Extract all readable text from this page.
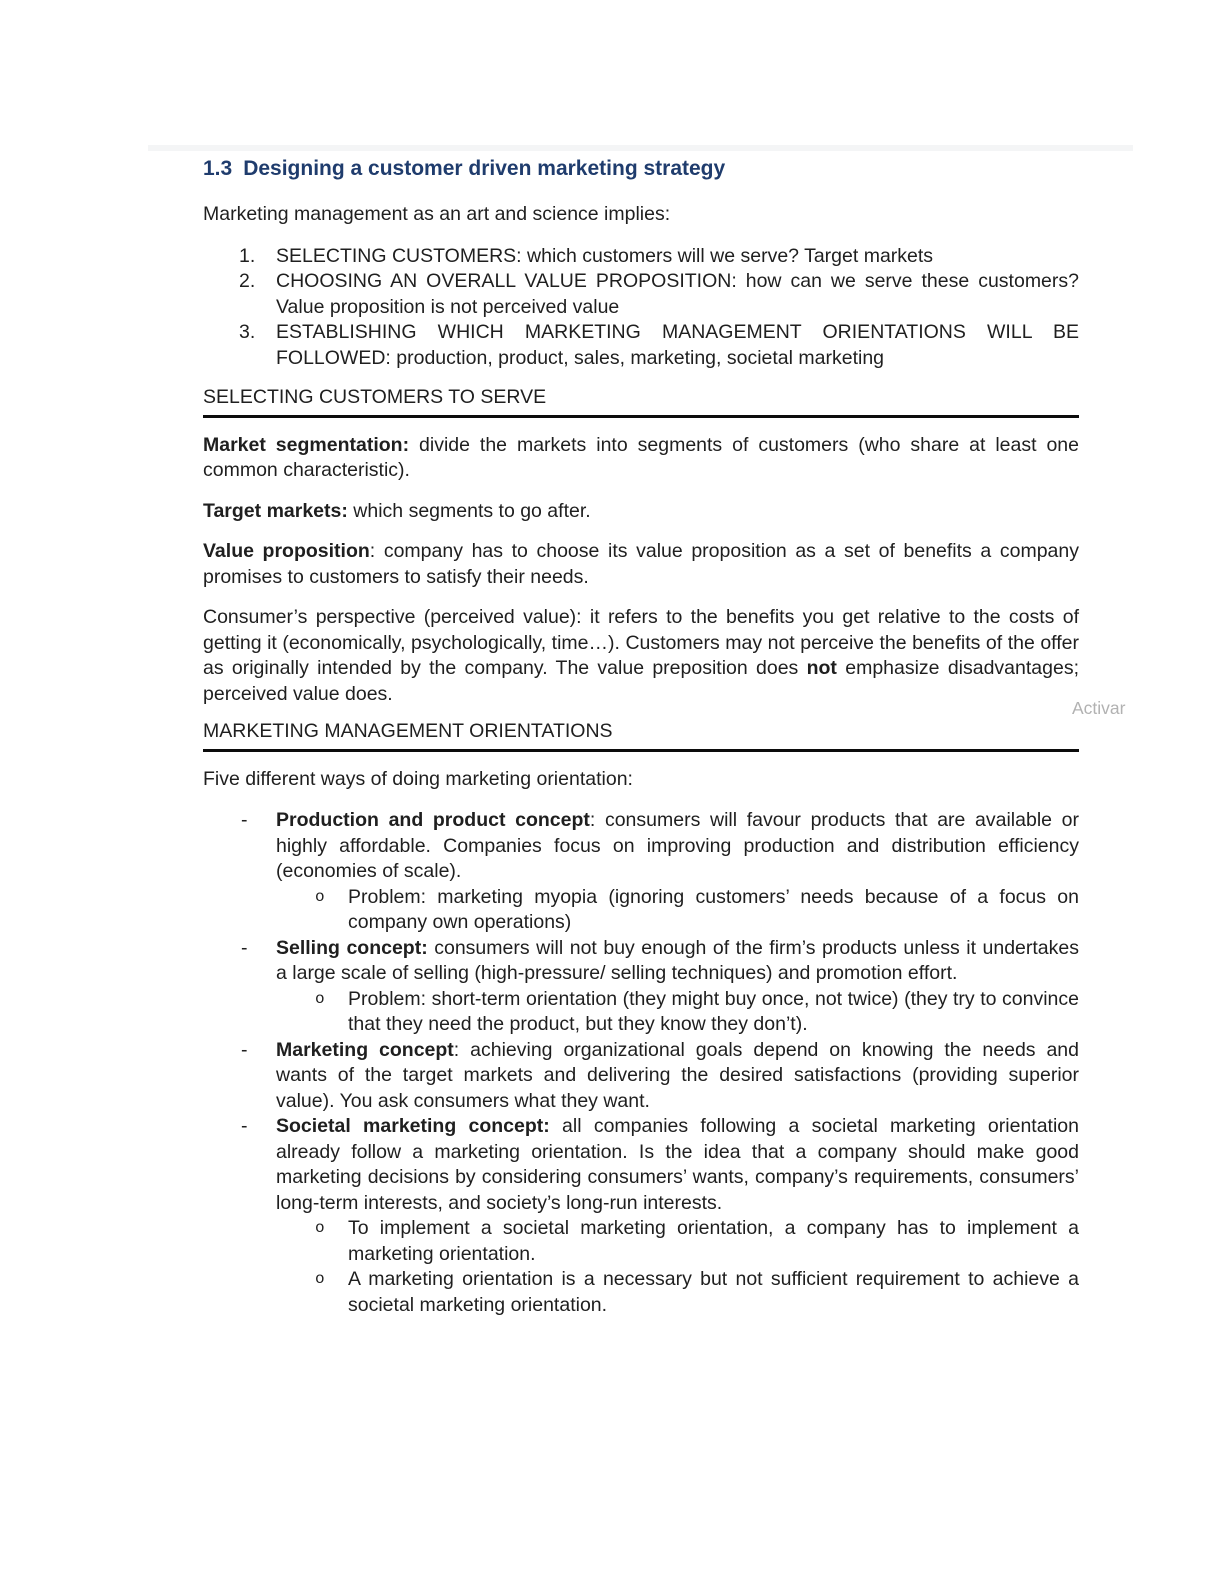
1.3 Designing a customer driven marketing strategy

Marketing management as an art and science implies:

1.	SELECTING CUSTOMERS: which customers will we serve? Target markets
2.	CHOOSING AN OVERALL VALUE PROPOSITION: how can we serve these customers? Value proposition is not perceived value
3.	ESTABLISHING WHICH MARKETING MANAGEMENT ORIENTATIONS WILL BE FOLLOWED: production, product, sales, marketing, societal marketing
SELECTING CUSTOMERS TO SERVE

Market segmentation: divide the markets into segments of customers (who share at least one common characteristic).

Target markets: which segments to go after.

Value proposition: company has to choose its value proposition as a set of benefits a company promises to customers to satisfy their needs.

Consumer’s perspective (perceived value): it refers to the benefits you get relative to the costs of getting it (economically, psychologically, time…). Customers may not perceive the benefits of the offer as originally intended by the company. The value preposition does not emphasize disadvantages; perceived value does.

MARKETING MANAGEMENT ORIENTATIONS

Five different ways of doing marketing orientation:

-	Production and product concept: consumers will favour products that are available or highly affordable. Companies focus on improving production and distribution efficiency (economies of scale).
o	Problem: marketing myopia (ignoring customers’ needs because of a focus on company own operations)
-	Selling concept: consumers will not buy enough of the firm’s products unless it undertakes a large scale of selling (high-pressure/ selling techniques) and promotion effort.
o	Problem: short-term orientation (they might buy once, not twice) (they try to convince that they need the product, but they know they don’t).
-	Marketing concept: achieving organizational goals depend on knowing the needs and wants of the target markets and delivering the desired satisfactions (providing superior value). You ask consumers what they want.
-	Societal marketing concept: all companies following a societal marketing orientation already follow a marketing orientation. Is the idea that a company should make good marketing decisions by considering consumers’ wants, company’s requirements, consumers’ long-term interests, and society’s long-run interests.
o	To implement a societal marketing orientation, a company has to implement a marketing orientation.
o	A marketing orientation is a necessary but not sufficient requirement to achieve a societal marketing orientation.
Activar
